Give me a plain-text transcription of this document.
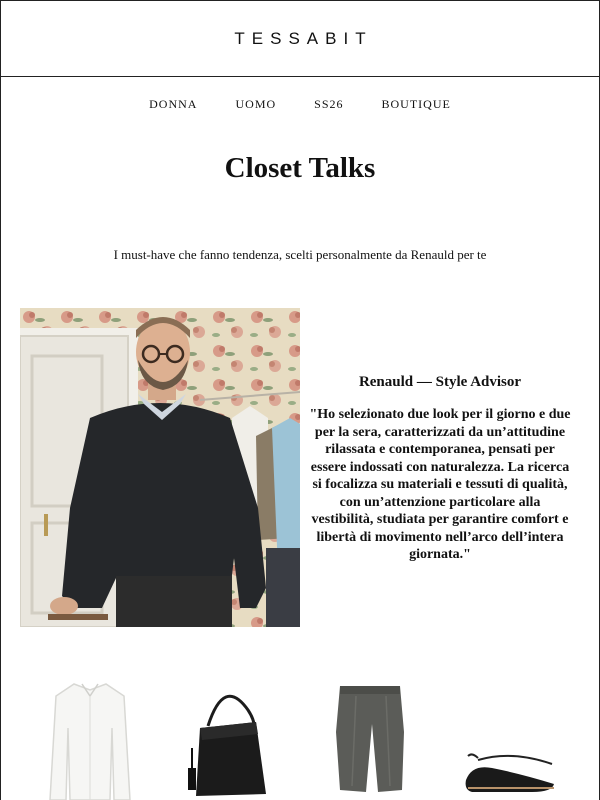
TESSABIT
DONNA	UOMO	SS26	BOUTIQUE
Closet Talks

I must-have che fanno tendenza, scelti personalmente da Renauld per te

Renauld — Style Advisor

"Ho selezionato due look per il giorno e due per la sera, caratterizzati da un’attitudine rilassata e contemporanea, pensati per essere indossati con naturalezza. La ricerca si focalizza su materiali e tessuti di qualità, con un’attenzione particolare alla vestibilità, studiata per garantire comfort e libertà di movimento nell’arco dell’intera giornata."
